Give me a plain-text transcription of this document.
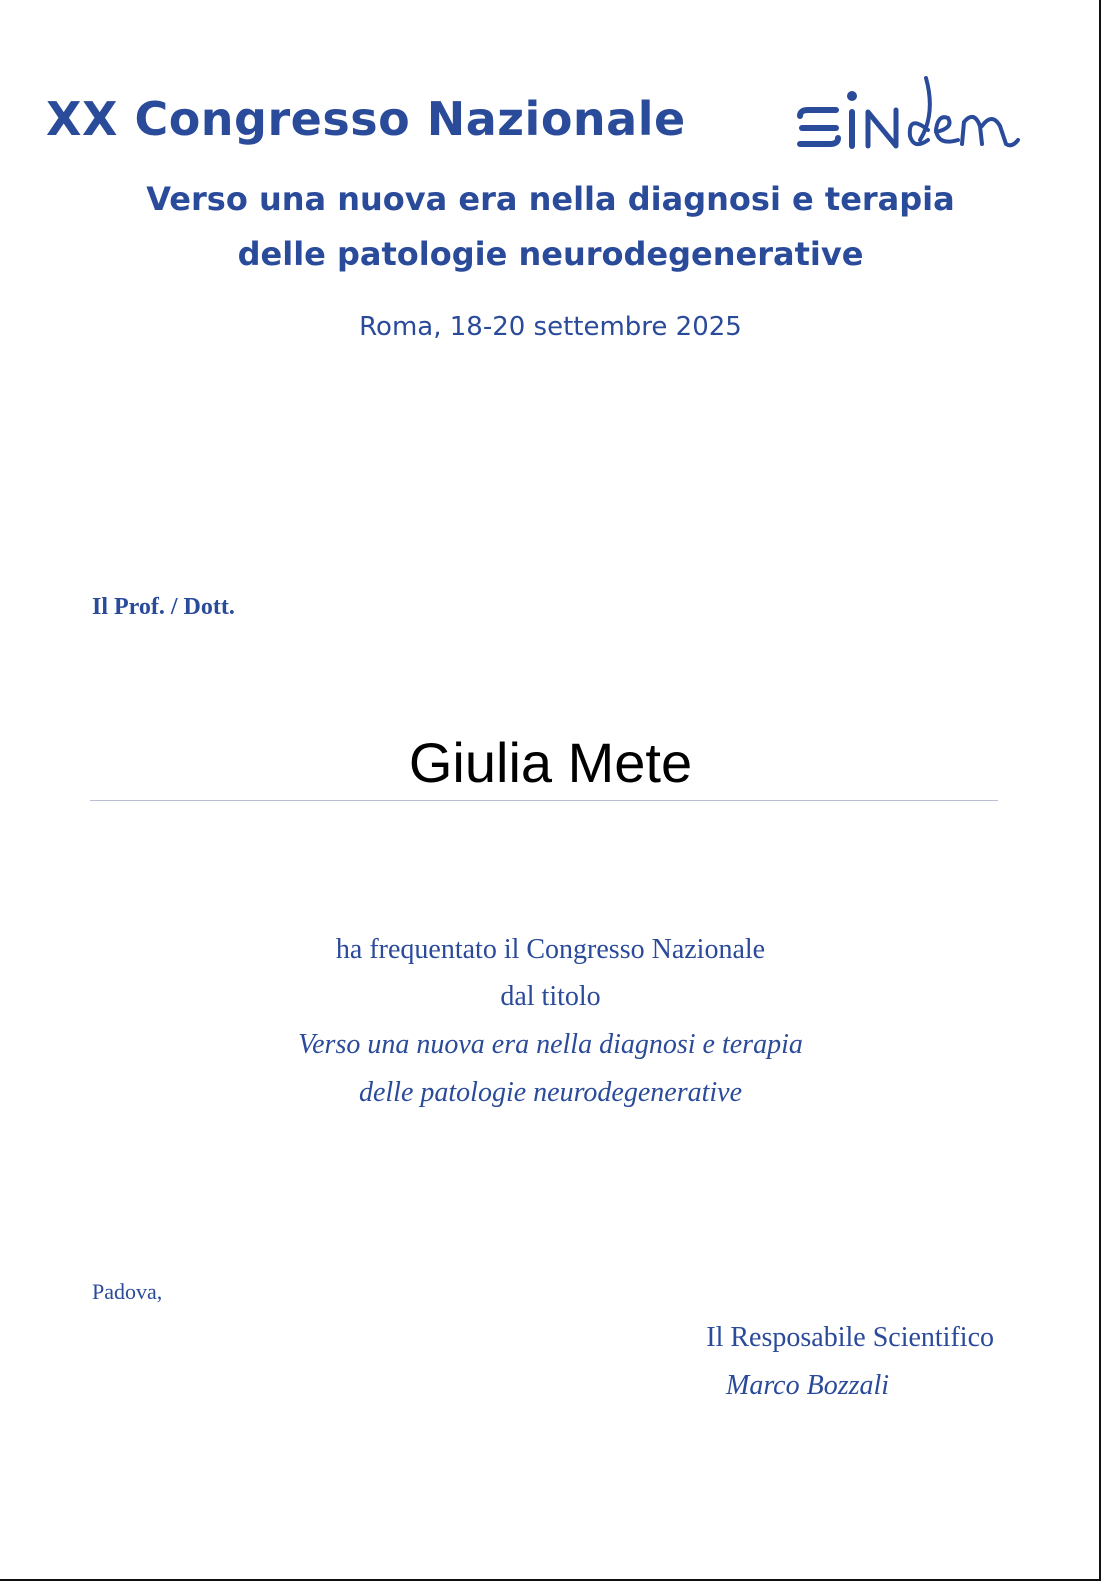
XX Congresso Nazionale
SINdem
Verso una nuova era nella diagnosi e terapia
delle patologie neurodegenerative
Roma, 18-20 settembre 2025
Il Prof. / Dott.
Giulia Mete
ha frequentato il Congresso Nazionale
dal titolo
Verso una nuova era nella diagnosi e terapia
delle patologie neurodegenerative
Padova,
Il Resposabile Scientifico
Marco Bozzali
